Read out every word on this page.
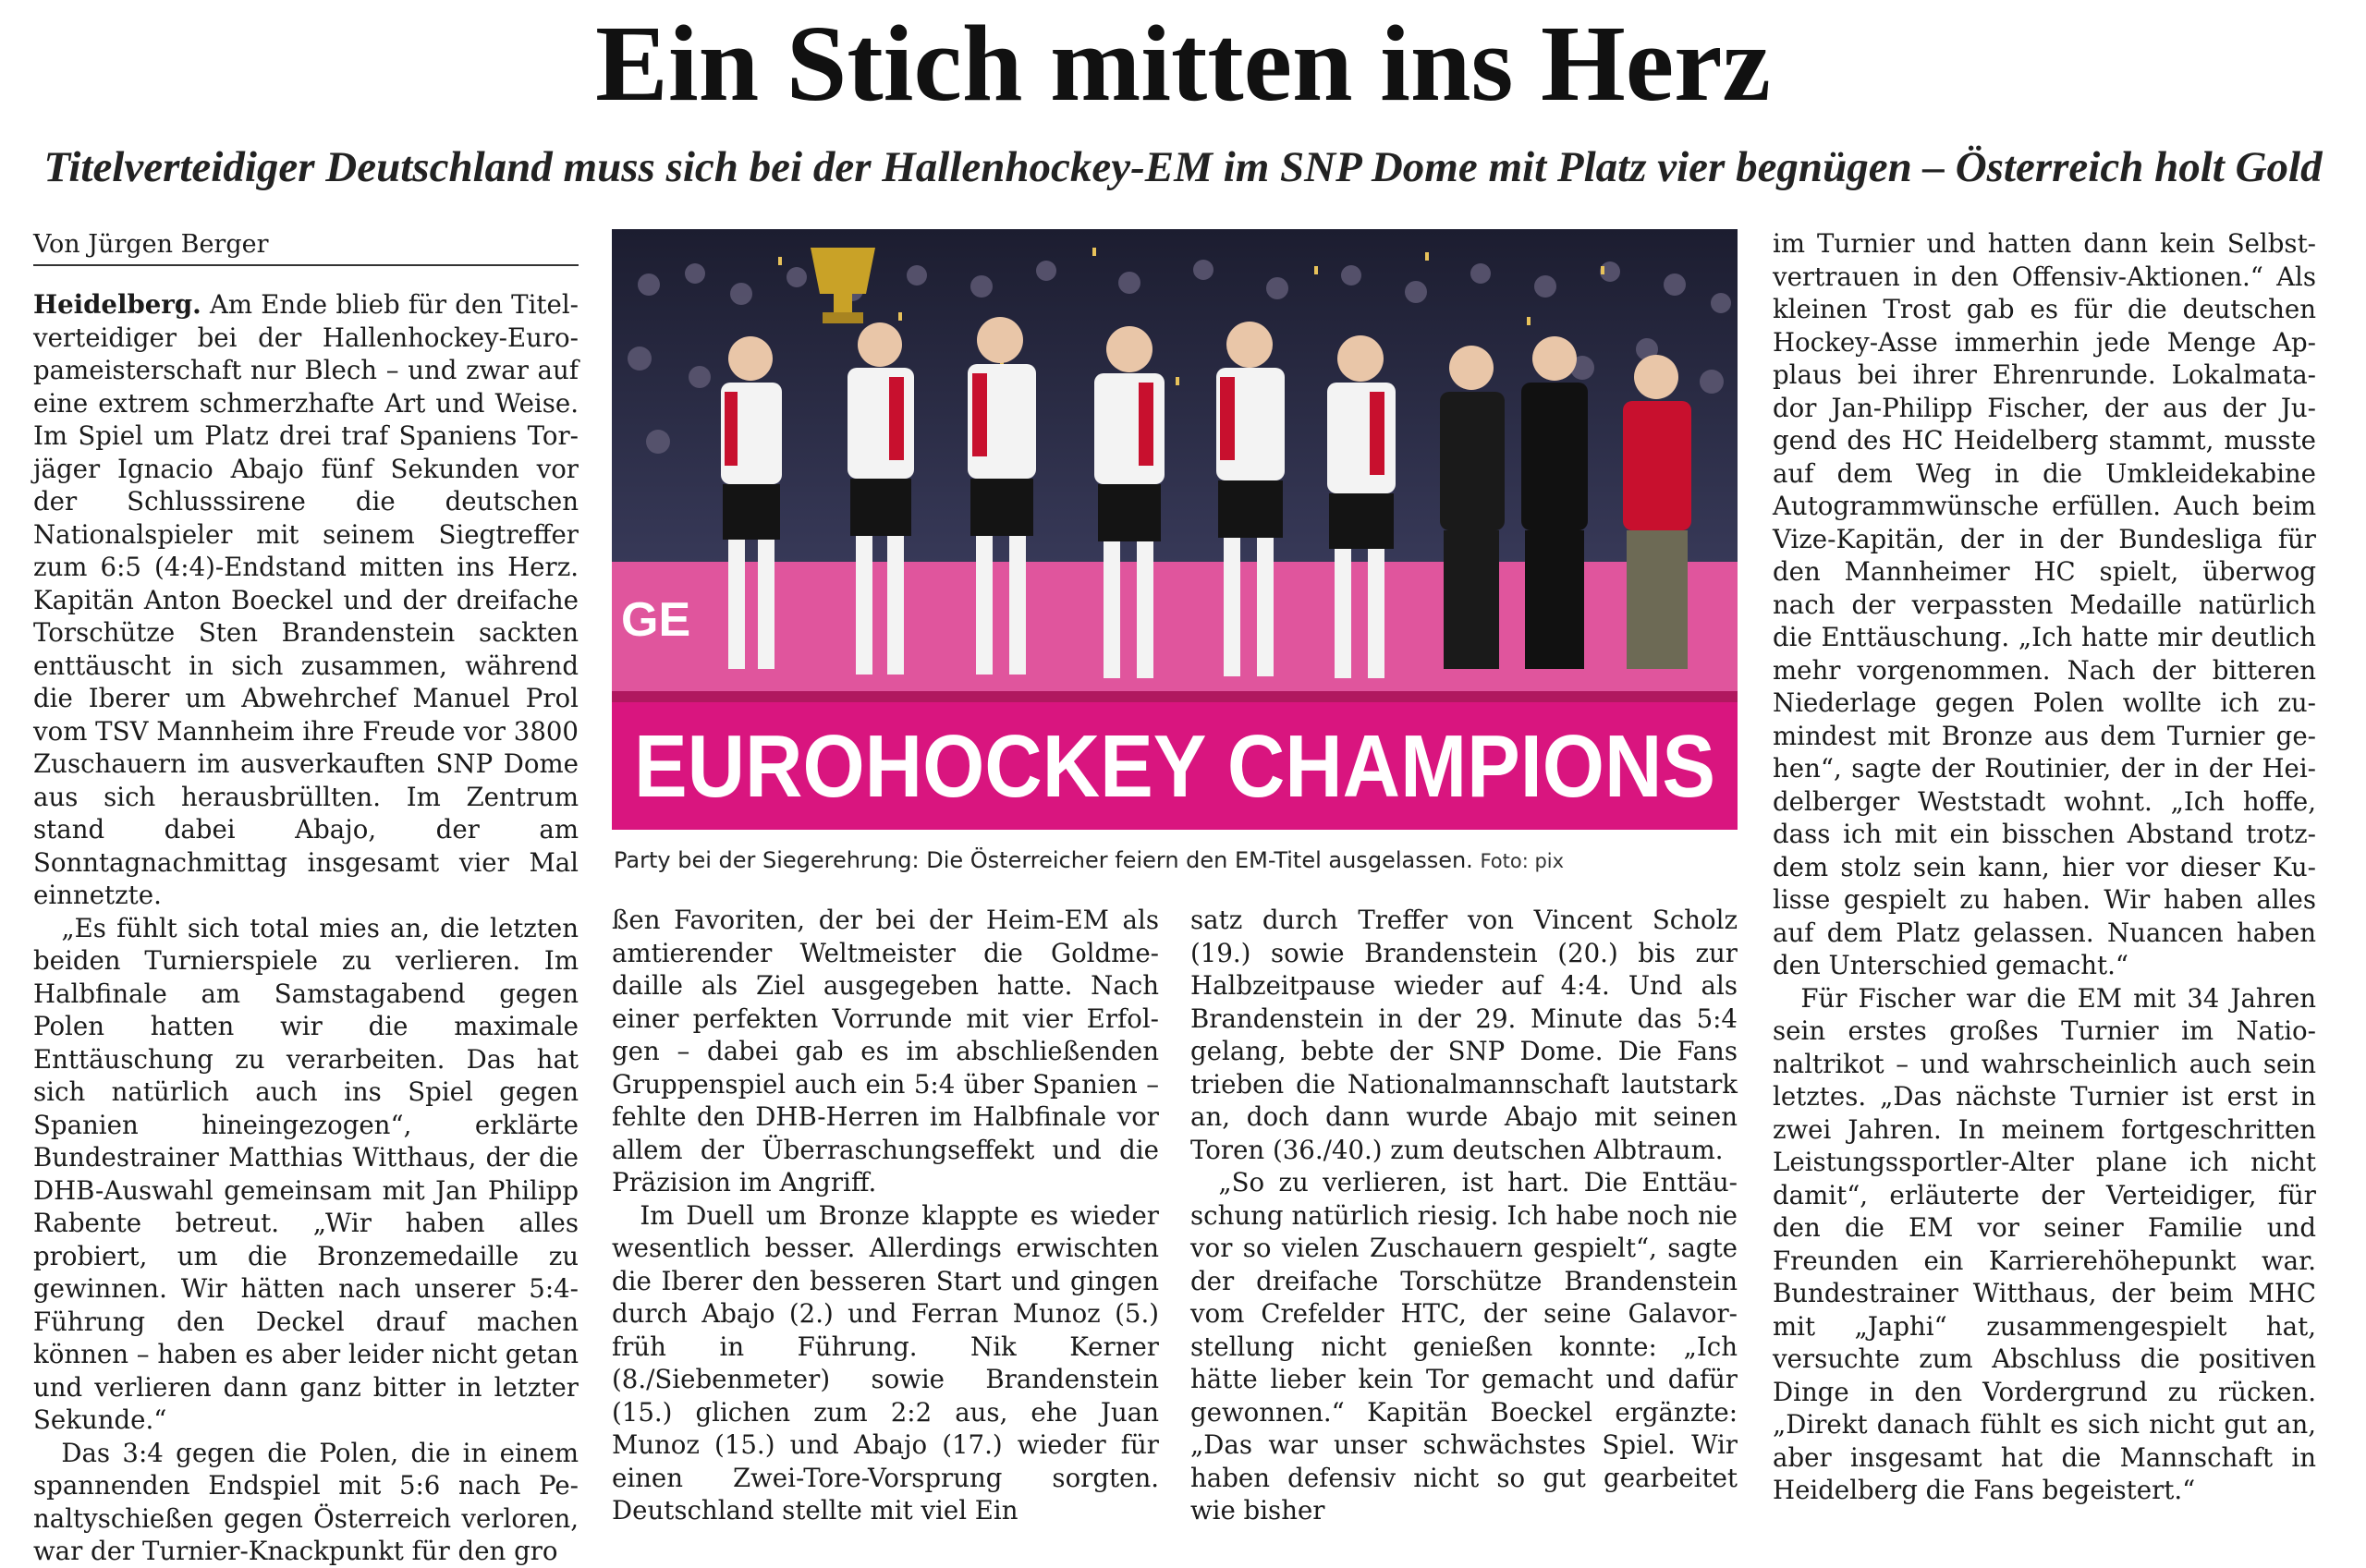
Ein Stich mitten ins Herz
Titelverteidiger Deutschland muss sich bei der Hallenhockey-EM im SNP Dome mit Platz vier begnügen – Österreich holt Gold
Von Jürgen Berger

Heidelberg. Am Ende blieb für den Titelverteidiger bei der Hallenhockey-Europameisterschaft nur Blech – und zwar auf eine extrem schmerzhafte Art und Weise. Im Spiel um Platz drei traf Spaniens Torjäger Ignacio Abajo fünf Sekunden vor der Schlusssirene die deutschen Nationalspieler mit seinem Siegtreffer zum 6:5 (4:4)-Endstand mitten ins Herz. Kapitän Anton Boeckel und der dreifache Torschütze Sten Brandenstein sackten enttäuscht in sich zusammen, während die Iberer um Abwehrchef Manuel Prol vom TSV Mannheim ihre Freude vor 3800 Zuschauern im ausverkauften SNP Dome aus sich herausbrüllten. Im Zentrum stand dabei Abajo, der am Sonntagnachmittag insgesamt vier Mal einnetzte.

„Es fühlt sich total mies an, die letzten beiden Turnierspiele zu verlieren. Im Halbfinale am Samstagabend gegen Polen hatten wir die maximale Enttäuschung zu verarbeiten. Das hat sich natürlich auch ins Spiel gegen Spanien hineingezogen“, erklärte Bundestrainer Matthias Witthaus, der die DHB-Auswahl gemeinsam mit Jan Philipp Rabente betreut. „Wir haben alles probiert, um die Bronzemedaille zu gewinnen. Wir hätten nach unserer 5:4-Führung den Deckel drauf machen können – haben es aber leider nicht getan und verlieren dann ganz bitter in letzter Sekunde.“

Das 3:4 gegen die Polen, die in einem spannenden Endspiel mit 5:6 nach Penaltyschießen gegen Österreich verloren, war der Turnier-Knackpunkt für den gro

GE
EUROHOCKEY CHAMPIONS
Party bei der Siegerehrung: Die Österreicher feiern den EM-Titel ausgelassen. Foto: pix

ßen Favoriten, der bei der Heim-EM als amtierender Weltmeister die Goldmedaille als Ziel ausgegeben hatte. Nach einer perfekten Vorrunde mit vier Erfolgen – dabei gab es im abschließenden Gruppenspiel auch ein 5:4 über Spanien – fehlte den DHB-Herren im Halbfinale vor allem der Überraschungseffekt und die Präzision im Angriff.

Im Duell um Bronze klappte es wieder wesentlich besser. Allerdings erwischten die Iberer den besseren Start und gingen durch Abajo (2.) und Ferran Munoz (5.) früh in Führung. Nik Kerner (8./Siebenmeter) sowie Brandenstein (15.) glichen zum 2:2 aus, ehe Juan Munoz (15.) und Abajo (17.) wieder für einen Zwei-Tore-Vorsprung sorgten. Deutschland stellte mit viel Ein

satz durch Treffer von Vincent Scholz (19.) sowie Brandenstein (20.) bis zur Halbzeitpause wieder auf 4:4. Und als Brandenstein in der 29. Minute das 5:4 gelang, bebte der SNP Dome. Die Fans trieben die Nationalmannschaft lautstark an, doch dann wurde Abajo mit seinen Toren (36./40.) zum deutschen Albtraum.

„So zu verlieren, ist hart. Die Enttäuschung natürlich riesig. Ich habe noch nie vor so vielen Zuschauern gespielt“, sagte der dreifache Torschütze Brandenstein vom Crefelder HTC, der seine Galavorstellung nicht genießen konnte: „Ich hätte lieber kein Tor gemacht und dafür gewonnen.“ Kapitän Boeckel ergänzte: „Das war unser schwächstes Spiel. Wir haben defensiv nicht so gut gearbeitet wie bisher

im Turnier und hatten dann kein Selbstvertrauen in den Offensiv-Aktionen.“ Als kleinen Trost gab es für die deutschen Hockey-Asse immerhin jede Menge Applaus bei ihrer Ehrenrunde. Lokalmatador Jan-Philipp Fischer, der aus der Jugend des HC Heidelberg stammt, musste auf dem Weg in die Umkleidekabine Autogrammwünsche erfüllen. Auch beim Vize-Kapitän, der in der Bundesliga für den Mannheimer HC spielt, überwog nach der verpassten Medaille natürlich die Enttäuschung. „Ich hatte mir deutlich mehr vorgenommen. Nach der bitteren Niederlage gegen Polen wollte ich zumindest mit Bronze aus dem Turnier gehen“, sagte der Routinier, der in der Heidelberger Weststadt wohnt. „Ich hoffe, dass ich mit ein bisschen Abstand trotzdem stolz sein kann, hier vor dieser Kulisse gespielt zu haben. Wir haben alles auf dem Platz gelassen. Nuancen haben den Unterschied gemacht.“

Für Fischer war die EM mit 34 Jahren sein erstes großes Turnier im Nationaltrikot – und wahrscheinlich auch sein letztes. „Das nächste Turnier ist erst in zwei Jahren. In meinem fortgeschritten Leistungssportler-Alter plane ich nicht damit“, erläuterte der Verteidiger, für den die EM vor seiner Familie und Freunden ein Karrierehöhepunkt war. Bundestrainer Witthaus, der beim MHC mit „Japhi“ zusammengespielt hat, versuchte zum Abschluss die positiven Dinge in den Vordergrund zu rücken. „Direkt danach fühlt es sich nicht gut an, aber insgesamt hat die Mannschaft in Heidelberg die Fans begeistert.“
